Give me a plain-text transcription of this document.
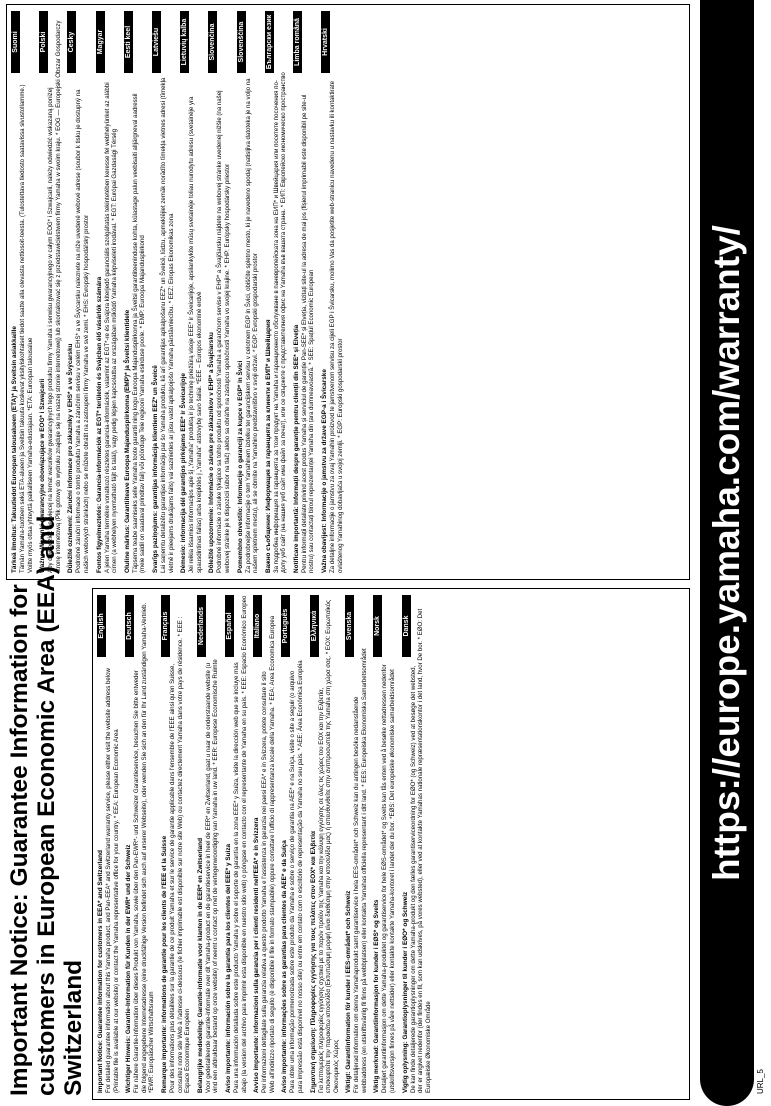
Important Notice: Guarantee Information for customers in European Economic Area (EEA) and Switzerland
English
Important Notice: Guarantee information for customers in EEA* and Switzerland For detailed guarantee information about this Yamaha product, and Pan-EEA* and Switzerland warranty service, please either visit the website address below (Printable file is available at our website) or contact the Yamaha representative office for your country. * EEA: European Economic Area
Deutsch
Wichtiger Hinweis: Garantie-Information für Kunden in der EWR* und der Schweiz Für nähere Garantie-Information über dieses Produkt von Yamaha, sowie über den Pan-EWR*- und Schweizer Garantieservice, besuchen Sie bitte entweder die folgend angegebene Internetadresse (eine druckfähige Version befindet sich auch auf unserer Webseite), oder wenden Sie sich an den für Ihr Land zuständigen Yamaha-Vertrieb. *EWR: Europäischer Wirtschaftsraum
Français
Remarque importante: informations de garantie pour les clients de l'EEE et la Suisse Pour des informations plus détaillées sur la garantie de ce produit Yamaha et sur le service de garantie applicable dans l'ensemble de l'EEE ainsi qu'en Suisse, consultez notre site Web à l'adresse ci-dessous (le fichier imprimable est disponible sur notre site Web) ou contactez directement Yamaha dans votre pays de résidence. * EEE : Espace Economique Européen
Nederlands
Belangrijke mededeling: Garantie-informatie voor klanten in de EER* en Zwitserland Voor gedetailleerde garantie-informatie over dit Yamaha-product en de garantieservice in heel de EER* en Zwitserland, gaat u naar de onderstaande website (u vind een afdrukbaar bestand op onze website) of neemt u contact op met de vertegenwoordiging van Yamaha in uw land. * EER: Europese Economische Ruimte
Español
Aviso importante: información sobre la garantía para los clientes del EEE* y Suiza Para una información detallada sobre este producto Yamaha y sobre el soporte de garantía en la zona EEE* y Suiza, visite la dirección web que se incluye más abajo (la version del archivo para imprimir esta disponible en nuestro sitio web) o póngase en contacto con el representante de Yamaha en su país. * EEE: Espacio Económico Europeo Italiano
Avviso importante: informazioni sulla garanzia per i clienti residenti nell'EEA* e in Svizzera Per informazioni dettagliate sulla garanzia relativa a questo prodotto Yamaha e l'assistenza in garanzia nei paesi EEA* e in Svizzera, potete consultare il sito Web all'indirizzo riportato di seguito (è disponibile il file in formato stampabile) oppure contattare l'ufficio di rappresentanza locale della Yamaha. * EEA: Area Economica Europea Português
Aviso importante: informações sobre as garantias para clientes da AEE* e da Suíça Para obter uma informação pormenorizada sobre este produto da Yamaha e sobre o serviço de garantia na AEE* e na Suíça, visite o site a seguir (o arquivo para impressão está disponível no nosso site) ou entre em contato com o escritório de representação da Yamaha no seu país. * AEE: Área Econômica Européia
Ελληνικά
Σημαντική σημείωση: Πληροφορίες εγγύησης για τους πελάτες στον ΕΟΧ* και Ελβετία Για λεπτομερείς πληροφορίες εγγύησης σχετικά με το παρόν προϊόν της Yamaha και την κάλυψη εγγύησης σε όλες τις χώρες του ΕΟΧ και την Ελβετία, επισκεφτείτε την παρακάτω ιστοσελίδα (Εκτυπώσιμη μορφή είναι διαθέσιμη στην ιστοσελίδα μας) ή απευθυνθείτε στην αντιπροσωπεία της Yamaha στη χώρα σας. * ΕΟΧ: Ευρωπαϊκός Οικονομικός Χώρος
Svenska
Viktigt: Garantiinformation för kunder i EES-området* och Schweiz För detaljerad information om denna Yamahaprodukt samt garantiservice i hela EES-området* och Schweiz kan du antingen besöka nedanstående webbaddress (en utskriftsvänlig fil finns på webbplatsen) eller kontakta Yamahas officiella representant i ditt land. * EES: Europeiska Ekonomiska Samarbetsområdet
Norsk
Viktig merknad: Garantiinformasjon for kunder i EØS* og Sveits Detaljert garantiinformasjon om dette Yamaha-produktet og garantiservice for hele EØS-området* og Sveits kan fås enten ved å besøke nettadressen nedenfor (utskriftsversjon finnes på våre nettsider) eller kontakte kontakte Yamaha-kontoret i landet der du bor. *EØS: Det europeiske økonomiske samarbeidsområdet
Dansk
Vigtig oplysning: Garantioplysninger til kunder i EØO* og Schweiz De kan finde detaljerede garantioplysninger om dette Yamaha-produkt og den fælles garantiserviceordning for EØO* (og Schweiz) ved at besøge det websted, der er angivet nedenfor (der findes en fil, som kan udskrives, på vores websted), eller ved at kontakte Yamahas nationale repræsentationskontor i det land, hvor De bor. * EØO: Det Europæiske Økonomiske Område
Suomi
Tärkeä ilmoitus: Takuutiedot Euroopan talousalueen (ETA)* ja Sveitsin asiakkaille Tämän Yamaha-tuotteen sekä ETA-alueen ja Sveitsin takuuta koskevat yksityiskohtaiset tiedot saatte alla olevasta nettiosoit-teesta. (Tulostettava tiedosto saatavissa sivustollamme.) Voitte myös ottaa yhteyttä paikalliseen Yamaha-edustajaan. *ETA: Euroopan talousalue
Polski
Ważne: Warunki gwarancyjne obowiązujące w EOG* i Szwajcarii Aby dowiedzieć się więcej na temat warunków gwarancyjnych tego produktu firmy Yamaha i serwisu gwarancyjnego w całym EOG* i Szwajcarii, należy odwiedzić wskazaną poniżej stronę internetową (Plik gotowy do wydruku znajduje się na naszej stronie internetowej) lub skontaktować się z przedstawicielstwem firmy Yamaha w swoim kraju. * EOG — Europejski Obszar Gospodarczy Česky
Důležité oznámení: Záruční informace pro zákazníky v EHS* a ve Švýcarsku Podrobné záruční informace o tomto produktu Yamaha a záručním servisu v celém EHS* a ve Švýcarsku naleznete na níže uvedené webové adrese (soubor k tisku je dostupný na našich webových stránkách) nebo se můžete obrátit na zastoupení firmy Yamaha ve své zemi. * EHS: Evropský hospodářský prostor
Magyar
Fontos figyelmeztetés: Garancia-információk az EGT* területén és Svájcban élő vásárlók számára A jelen Yamaha termékre vonatkozó részletes garancia-információk, valamint az EGT*-re és Svájcra kiterjedő garanciális szolgáltatás tekintetében keresse fel webhelyünket az alábbi címen (a webhelyen nyomtatható fájlt is talál), vagy pedig lépjen kapcsolatba az országában működő Yamaha képviseleti irodával. * EGT: Európai Gazdasági Térség
Eesti keel
Oluline märkus: Garantiiteave Euroopa Majanduspiirkonna (EMP)* ja Šveitsi klientidele Täpsema teabe saamiseks selle Yamaha toote garantii ning kogu Euroopa Majanduspiirkonna ja Šveitsi garantiiteeninduse kohta, külastage palun veebisaiti alljärgneval aadressil (meie saidil on saadaval prinditav fail) või pöörduge Teie regiooni Yamaha esinduse poole. * EMP: Euroopa Majanduspiirkond
Latviešu
Svarīgs paziņojums: garantijas informācija klientiem EEZ* un Šveicē Lai saņemtu detalizētu garantijas informāciju par šo Yamaha produktu, kā arī garantijas apkalpošanu EEZ* un Šveicē, lūdzu, apmeklējiet zemāk norādīto tīmekļa vietnes adresi (tīmekļa vietnē ir pieejams drukājams fails) vai sazinieties ar jūsu valsti apkalpojošo Yamaha pārstāvniecību. * EEZ: Eiropas Ekonomikas zona
Lietuvių kalba
Dėmesio: informacija dėl garantijos pirkėjams EEE* ir Šveicarijoje Jei reikia išsamios informacijos apie šį „Yamaha“ produktą ir jo techninę priežiūrą visoje EEE* ir Šveicarijoje, apsilankykite mūsų svetainėje toliau nurodytu adresu (svetainėje yra spausdintinas failas) arba kreipkitės į „Yamaha“ atstovybę savo šaliai. *EEE – Europos ekonominė erdvė
Slovenčina
Dôležité upozornenie: Informácie o záruke pre zákazníkov v EHP* a Švajčiarsku Podrobné informácie o záruke týkajúce sa tohto produktu od spoločnosti Yamaha a garančnom servise v EHP* a Švajčiarsku nájdete na webovej stránke uvedenej nižšie (na našej webovej stránke je k dispozícii súbor na tlač) alebo sa obráťte na zástupcu spoločnosti Yamaha vo svojej krajine. * EHP: Európsky hospodársky priestor
Slovenščina
Pomembno obvestilo: Informacije o garanciji za kupce v EGP* in Švici Za podrobnejše informacije o tem Yamahinem izdelku ter garancijskem servisu v celotnem EGP in Švici, obiščite spletno mesto, ki je navedeno spodaj (natisljiva datoteka je na voljo na našem spletnem mestu), ali se obrnite na Yamahino predstavništvo v svoji državi. * EGP: Evropski gospodarski prostor
Български език
Важно съобщение: Информация за гаранцията за клиенти в ЕИП* и Швейцария За подробна информация за гаранцията за този продукт на Yamaha и гаранционното обслужване в паневропейската зона на ЕИП* и Швейцария или посетете посочения по-долу уеб сайт (на нашия уеб сайт има файл за печат), или се свържете с представителния офис на Yamaha във вашата страна. * ЕИП: Европейско икономическо пространство
Limba română
Notificare importantă: Informații despre garanție pentru clienții din SEE* și Elveția Pentru informații detaliate privind acest produs Yamaha și serviciul de garanție Pan-SEE* și Elveția, vizitați site-ul la adresa de mai jos (fișierul imprimabil este disponibil pe site-ul nostru) sau contactați biroul reprezentanței Yamaha din țara dumneavoastră. * SEE: Spațiul Economic European
Hrvatski
Važna obavijest: Informacije o jamstvu za države EGP-a i Švicarske Za detaljne informacije o jamstvu za ovaj Yamahin proizvod te jamstvenom servisu za cijeli EGP i Švicarsku, molimo Vas da posjetite web-stranicu navedenu u nastavku ili kontaktirate ovlaštenog Yamahinog dobavljača u svojoj zemlji. * EGP: Europski gospodarski prostor	https://europe.yamaha.com/warranty/
URL_5
